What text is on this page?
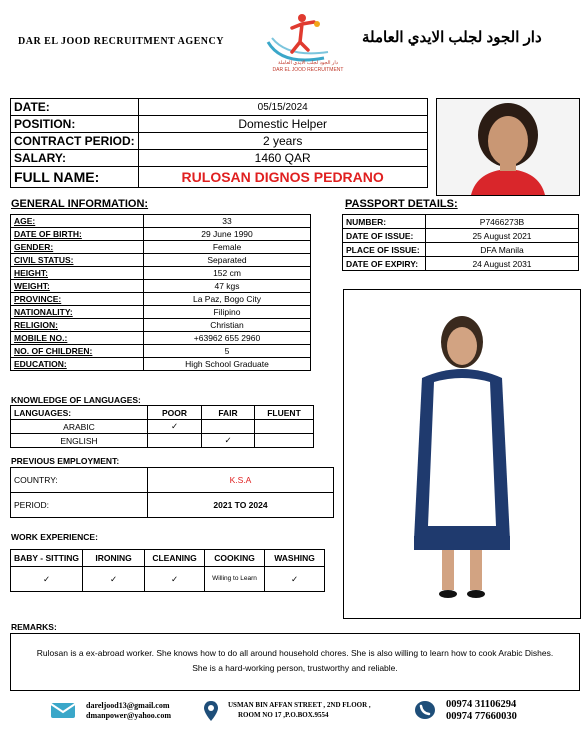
DAR EL JOOD RECRUITMENT AGENCY	دار الجود لجلب الايدي العاملة
دار الجود لجلب الايدي العاملة
DAR EL JOOD RECRUITMENT
DATE:	05/15/2024
POSITION:	Domestic Helper
CONTRACT PERIOD:	2 years
SALARY:	1460 QAR
FULL NAME:	RULOSAN DIGNOS PEDRANO
GENERAL INFORMATION:
AGE:	33
DATE OF BIRTH:	29 June 1990
GENDER:	Female
CIVIL STATUS:	Separated
HEIGHT:	152 cm
WEIGHT:	47 kgs
PROVINCE:	La Paz, Bogo City
NATIONALITY:	Filipino
RELIGION:	Christian
MOBILE NO.:	+63962 655 2960
NO. OF CHILDREN:	5
EDUCATION:	High School Graduate
PASSPORT DETAILS:
NUMBER:	P7466273B
DATE OF ISSUE:	25 August 2021
PLACE OF ISSUE:	DFA Manila
DATE OF EXPIRY:	24 August 2031
KNOWLEDGE OF LANGUAGES:
LANGUAGES:	POOR	FAIR	FLUENT
ARABIC	✓		
ENGLISH		✓	
PREVIOUS EMPLOYMENT:
COUNTRY:	K.S.A
PERIOD:	2021 TO 2024
WORK EXPERIENCE:
BABY - SITTING	IRONING	CLEANING	COOKING	WASHING
✓	✓	✓	Willing to Learn	✓
REMARKS:
Rulosan is a ex-abroad worker. She knows how to do all around household chores. She is also willing to learn how to cook Arabic Dishes.
She is a hard-working person, trustworthy and reliable.
dareljood13@gmail.com
dmanpower@yahoo.com
USMAN BIN AFFAN STREET , 2ND FLOOR ,
ROOM NO 17 ,P.O.BOX.9554
00974 31106294
00974 77660030
